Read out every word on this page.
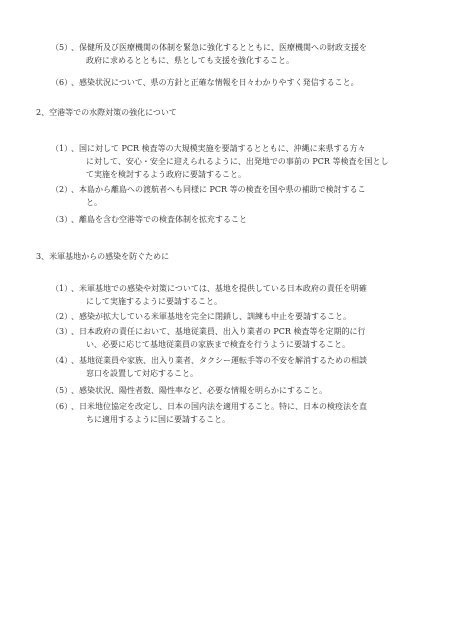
（5）
、保健所及び医療機関の体制を緊急に強化するとともに、医療機関への財政支援を
政府に求めるとともに、県としても支援を強化すること。
（6）
、感染状況について、県の方針と正確な情報を日々わかりやすく発信すること。
2、空港等での水際対策の強化について
（1）
、国に対して PCR 検査等の大規模実施を要請するとともに、沖縄に来県する方々
に対して、安心・安全に迎えられるように、出発地での事前の PCR 等検査を国とし
て実施を検討するよう政府に要請すること。
（2）
、本島から離島への渡航者へも同様に PCR 等の検査を国や県の補助で検討するこ
と。
（3）
、離島を含む空港等での検査体制を拡充すること
3、米軍基地からの感染を防ぐために
（1）
、米軍基地での感染や対策については、基地を提供している日本政府の責任を明確
にして実施するように要請すること。
（2）
、感染が拡大している米軍基地を完全に閉鎖し、訓練も中止を要請すること。
（3）
、日本政府の責任において、基地従業員、出入り業者の PCR 検査等を定期的に行
い、必要に応じて基地従業員の家族まで検査を行うように要請すること。
（4）
、基地従業員や家族、出入り業者、タクシー運転手等の不安を解消するための相談
窓口を設置して対応すること。
（5）
、感染状況、陽性者数、陽性率など、必要な情報を明らかにすること。
（6）
、日米地位協定を改定し、日本の国内法を適用すること。特に、日本の検疫法を直
ちに適用するように国に要請すること。
